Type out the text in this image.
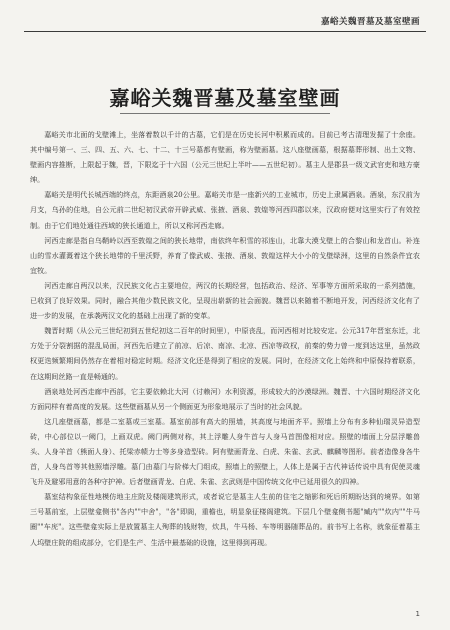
嘉峪关魏晋墓及墓室壁画
嘉峪关魏晋墓及墓室壁画

嘉峪关市北面的戈壁滩上，坐落着数以千计的古墓，它们是在历史长河中积累而成的。目前已考古清理发掘了十余座。其中编号第一、三、四、五、六、七、十二、十三号墓都有壁画，称为壁画墓。这八座壁画墓，根据墓葬形制、出土文物、壁画内容推断，上限起于魏，晋，下限迄于十六国（公元三世纪上半叶——五世纪初）。墓主人是郡县一级文武官吏和地方豪绅。

嘉峪关是明代长城西端的终点，东距酒泉20公里。嘉峪关市是一座新兴的工业城市，历史上隶属酒泉。酒泉，东汉前为月支，乌孙的住地，自公元前二世纪初汉武帝开辟武威、张掖、酒泉、敦煌等河西四郡以来，汉政府便对这里实行了有效控制。由于它们地处通往西域的狭长通道上，所以又称河西走廊。

河西走廊是指自乌鞘岭以西至敦煌之间的狭长地带，南依终年积雪的祁连山，北靠大漠戈壁上的合黎山和龙首山。补连山的雪水灌溉着这个狭长地带的千里沃野，养育了像武威、张掖、酒泉、敦煌这样大小小的戈壁绿洲，这里的自然条件宜农宜牧。

河西走廊自两汉以来，汉民族文化占主要地位，两汉的长期经营，包括政治、经济、军事等方面所采取的一系列措施，已收到了良好效果。同时，融合其他少数民族文化，呈现出崭新的社会面貌。魏晋以来随着不断地开发，河西经济文化有了进一步的发展，在承袭两汉文化的基础上出现了新的变革。

魏晋时期（从公元三世纪初到五世纪初这二百年的时间里），中原丧乱，而河西相对比较安定。公元317年晋室东迁，北方处于分裂割据的混乱局面，河西先后建立了前凉、后凉、南凉、北凉、西凉等政权，前秦的势力曾一度到达这里，虽然政权更迭频繁期间仍然存在着相对稳定时期。经济文化还是得到了相应的发展。同时，在经济文化上始终和中原保持着联系，在这期间丝路一直是畅通的。

酒泉地处河西走廊中西部，它主要依赖北大河（讨赖河）水利资源，形成较大的沙漠绿洲。魏晋、十六国时期经济文化方面同样有着高度的发展。这些壁画墓从另一个侧面更为形象地展示了当时的社会风貌。

这几座壁画墓，都是二室墓或三室墓。墓室前部有高大的照墙，其高度与地面齐平。照墙上分布有多种仙瑞灵异造型砖，中心部位以一阙门，上画双虎。阙门两侧对称，其上浮雕人身牛首与人身马首图像相对应。照壁的墙面上分层浮雕兽头、人身羊首（熊面人身）、托梁赤帻力士等多身造型砖。阿有壁画青龙、白虎、朱雀、玄武、麒麟等图形。前者造像身各牛首，人身鸟首等其他照墙浮雕。墓门由墓门与阶梯大门组成，照墙上的照壁上，人体上是属于古代神话传说中具有促使灵魂飞升及避邪用意的各种守护神。后者壁画青龙、白虎、朱雀、玄武则是中国传统文化中已延用很久的四神。

墓室结构象征性地模仿地主庄院及楼阁建筑形式，或者说它是墓主人生前的住宅之缩影和死后所期盼达到的境界。如第三号墓前室，上层壁龛侧书"各内""中舍"，"各"即阁，重檐也，明显象征楼阁建筑。下层几个壁龛侧书题"臧内""炊内""牛马圈""车庑"。这些壁龛实际上是放置墓主人殉葬的钱财物，炊具，牛马杨、车等明器随葬品的。前书写上名称，就象征着墓主人坞壁庄院的组成部分，它们是生产、生活中最基础的设施，这里得到再现。

1
